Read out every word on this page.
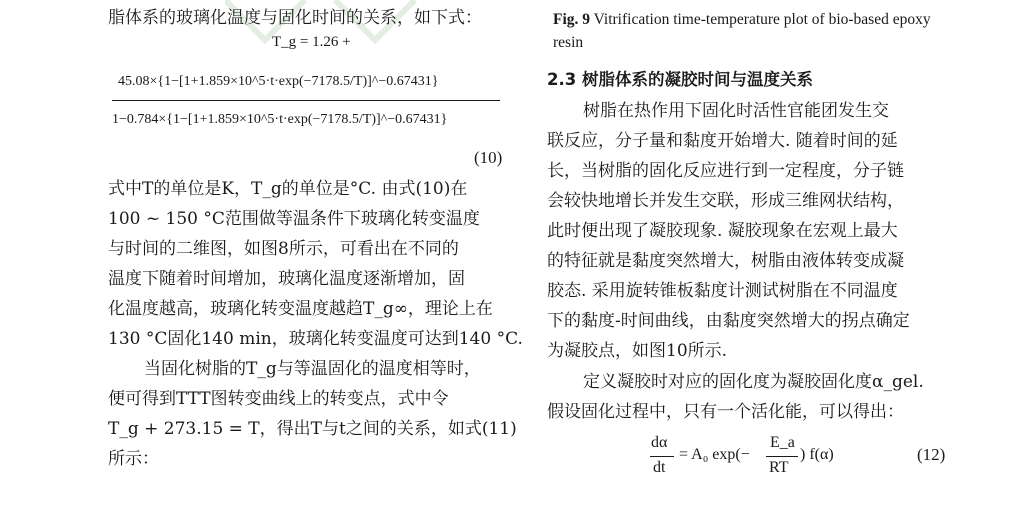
脂体系的玻璃化温度与固化时间的关系，如下式：
T_g = 1.26 +
45.08×{1−[1+1.859×10^5·t·exp(−7178.5/T)]^−0.67431}
1−0.784×{1−[1+1.859×10^5·t·exp(−7178.5/T)]^−0.67431}
(10)
式中T的单位是K，T_g的单位是°C. 由式(10)在
100 ~ 150 °C范围做等温条件下玻璃化转变温度
与时间的二维图，如图8所示，可看出在不同的
温度下随着时间增加，玻璃化温度逐渐增加，固
化温度越高，玻璃化转变温度越趋T_g∞，理论上在
130 °C固化140 min，玻璃化转变温度可达到140 °C.
当固化树脂的T_g与等温固化的温度相等时，
便可得到TTT图转变曲线上的转变点，式中令
T_g + 273.15 = T，得出T与t之间的关系，如式(11)
所示：
Fig. 9 Vitrification time-temperature plot of bio-based epoxy resin
2.3 树脂体系的凝胶时间与温度关系
树脂在热作用下固化时活性官能团发生交
联反应，分子量和黏度开始增大. 随着时间的延
长，当树脂的固化反应进行到一定程度，分子链
会较快地增长并发生交联，形成三维网状结构，
此时便出现了凝胶现象. 凝胶现象在宏观上最大
的特征就是黏度突然增大，树脂由液体转变成凝
胶态. 采用旋转锥板黏度计测试树脂在不同温度
下的黏度-时间曲线，由黏度突然增大的拐点确定
为凝胶点，如图10所示.
定义凝胶时对应的固化度为凝胶固化度α_gel.
假设固化过程中，只有一个活化能，可以得出：
dα
dt
= A₀ exp(−
E_a
RT
) f(α)	(12)
